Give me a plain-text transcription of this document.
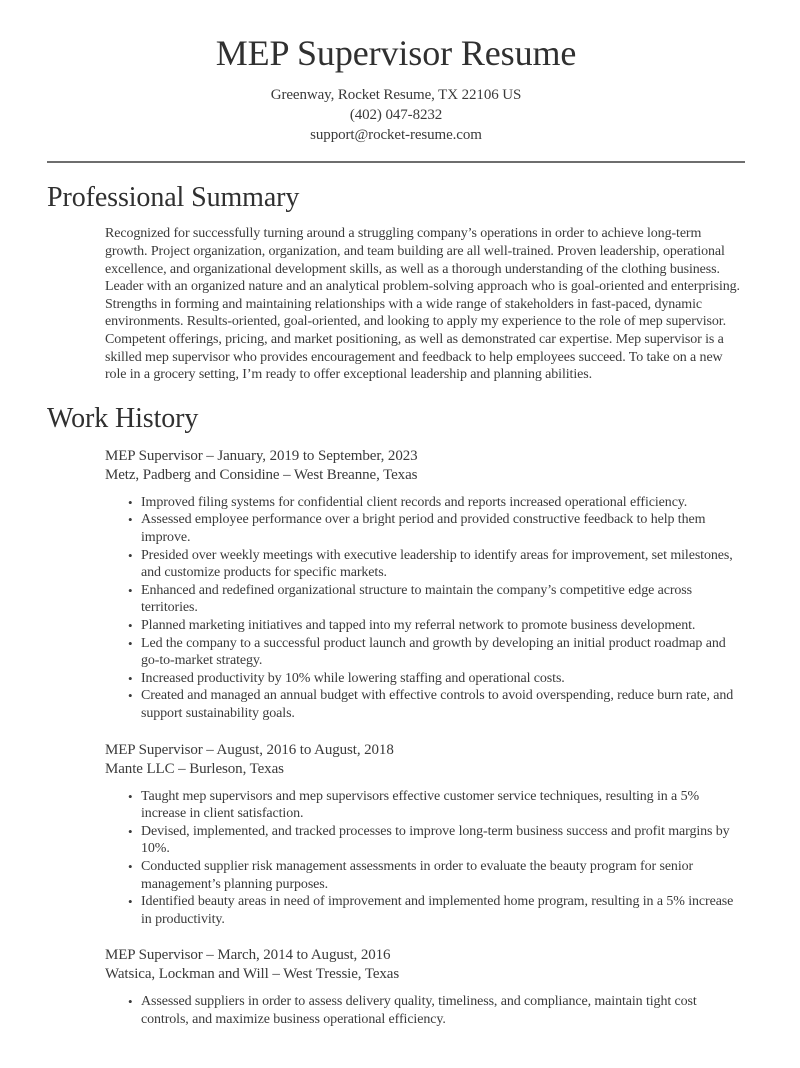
MEP Supervisor Resume
Greenway, Rocket Resume, TX 22106 US
(402) 047-8232
support@rocket-resume.com
Professional Summary

Recognized for successfully turning around a struggling company’s operations in order to achieve long-term growth. Project organization, organization, and team building are all well-trained. Proven leadership, operational excellence, and organizational development skills, as well as a thorough understanding of the clothing business. Leader with an organized nature and an analytical problem-solving approach who is goal-oriented and enterprising. Strengths in forming and maintaining relationships with a wide range of stakeholders in fast-paced, dynamic environments. Results-oriented, goal-oriented, and looking to apply my experience to the role of mep supervisor. Competent offerings, pricing, and market positioning, as well as demonstrated car expertise. Mep supervisor is a skilled mep supervisor who provides encouragement and feedback to help employees succeed. To take on a new role in a grocery setting, I’m ready to offer exceptional leadership and planning abilities.

Work History
MEP Supervisor – January, 2019 to September, 2023
Metz, Padberg and Considine – West Breanne, Texas
• Improved filing systems for confidential client records and reports increased operational efficiency.
• Assessed employee performance over a bright period and provided constructive feedback to help them improve.
• Presided over weekly meetings with executive leadership to identify areas for improvement, set milestones, and customize products for specific markets.
• Enhanced and redefined organizational structure to maintain the company’s competitive edge across territories.
• Planned marketing initiatives and tapped into my referral network to promote business development.
• Led the company to a successful product launch and growth by developing an initial product roadmap and go-to-market strategy.
• Increased productivity by 10% while lowering staffing and operational costs.
• Created and managed an annual budget with effective controls to avoid overspending, reduce burn rate, and support sustainability goals.
MEP Supervisor – August, 2016 to August, 2018
Mante LLC – Burleson, Texas
• Taught mep supervisors and mep supervisors effective customer service techniques, resulting in a 5% increase in client satisfaction.
• Devised, implemented, and tracked processes to improve long-term business success and profit margins by 10%.
• Conducted supplier risk management assessments in order to evaluate the beauty program for senior management’s planning purposes.
• Identified beauty areas in need of improvement and implemented home program, resulting in a 5% increase in productivity.
MEP Supervisor – March, 2014 to August, 2016
Watsica, Lockman and Will – West Tressie, Texas
• Assessed suppliers in order to assess delivery quality, timeliness, and compliance, maintain tight cost controls, and maximize business operational efficiency.
